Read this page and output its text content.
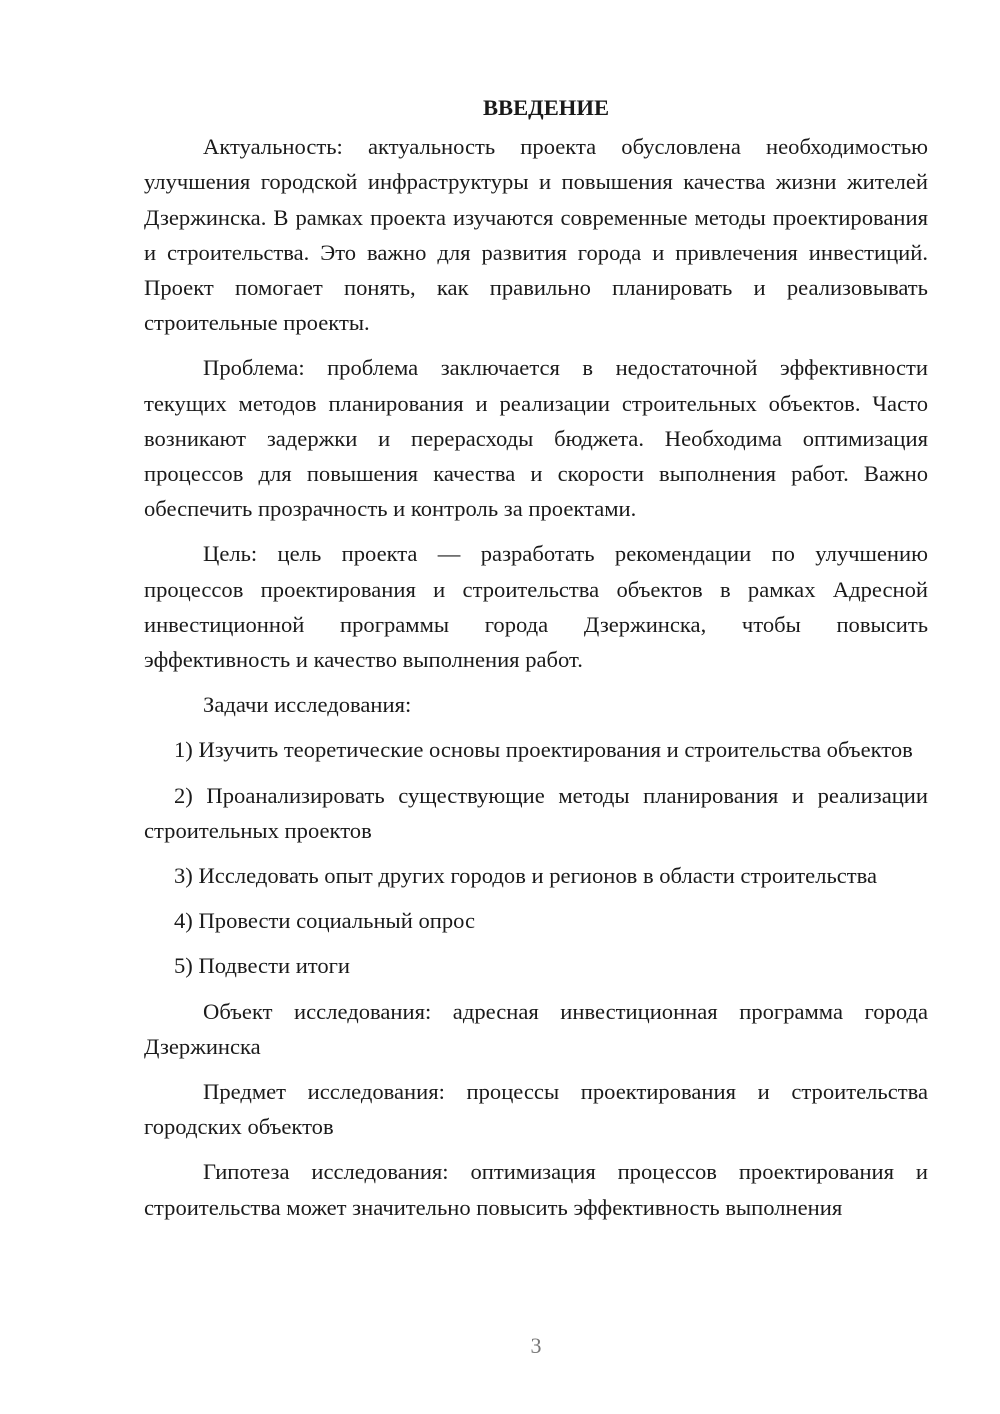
ВВЕДЕНИЕ

Актуальность: актуальность проекта обусловлена необходимостью улучшения городской инфраструктуры и повышения качества жизни жителей Дзержинска. В рамках проекта изучаются современные методы проектирования и строительства. Это важно для развития города и привлечения инвестиций. Проект помогает понять, как правильно планировать и реализовывать строительные проекты.

Проблема: проблема заключается в недостаточной эффективности текущих методов планирования и реализации строительных объектов. Часто возникают задержки и перерасходы бюджета. Необходима оптимизация процессов для повышения качества и скорости выполнения работ. Важно обеспечить прозрачность и контроль за проектами.

Цель: цель проекта — разработать рекомендации по улучшению процессов проектирования и строительства объектов в рамках Адресной инвестиционной программы города Дзержинска, чтобы повысить эффективность и качество выполнения работ.

Задачи исследования:

1) Изучить теоретические основы проектирования и строительства объектов

2) Проанализировать существующие методы планирования и реализации строительных проектов

3) Исследовать опыт других городов и регионов в области строительства

4) Провести социальный опрос

5) Подвести итоги

Объект исследования: адресная инвестиционная программа города Дзержинска

Предмет исследования: процессы проектирования и строительства городских объектов

Гипотеза исследования: оптимизация процессов проектирования и строительства может значительно повысить эффективность выполнения

3
